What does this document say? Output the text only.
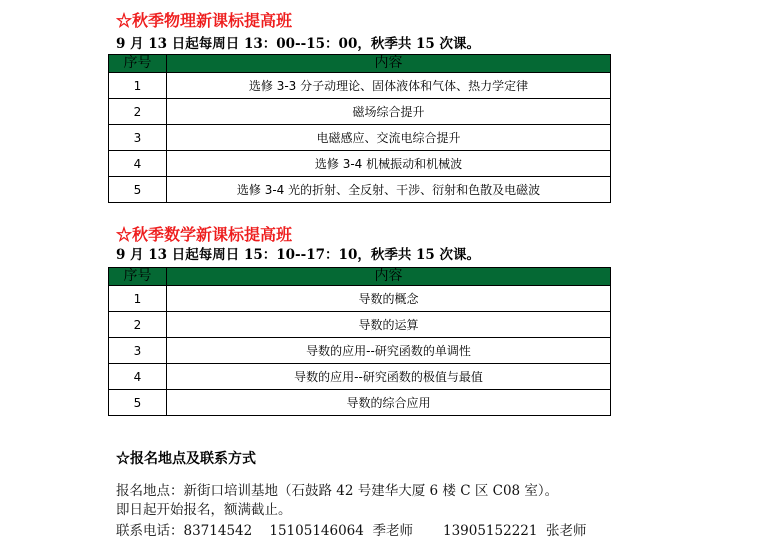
☆秋季物理新课标提高班
9 月 13 日起每周日 13：00--15：00，秋季共 15 次课。
序号	内容
1	选修 3-3 分子动理论、固体液体和气体、热力学定律
2	磁场综合提升
3	电磁感应、交流电综合提升
4	选修 3-4 机械振动和机械波
5	选修 3-4 光的折射、全反射、干涉、衍射和色散及电磁波
☆秋季数学新课标提高班
9 月 13 日起每周日 15：10--17：10，秋季共 15 次课。
序号	内容
1	导数的概念
2	导数的运算
3	导数的应用--研究函数的单调性
4	导数的应用--研究函数的极值与最值
5	导数的综合应用
☆报名地点及联系方式
报名地点：新街口培训基地（石鼓路 42 号建华大厦 6 楼 C 区 C08 室）。
即日起开始报名，额满截止。
联系电话：83714542    15105146064  季老师       13905152221  张老师
